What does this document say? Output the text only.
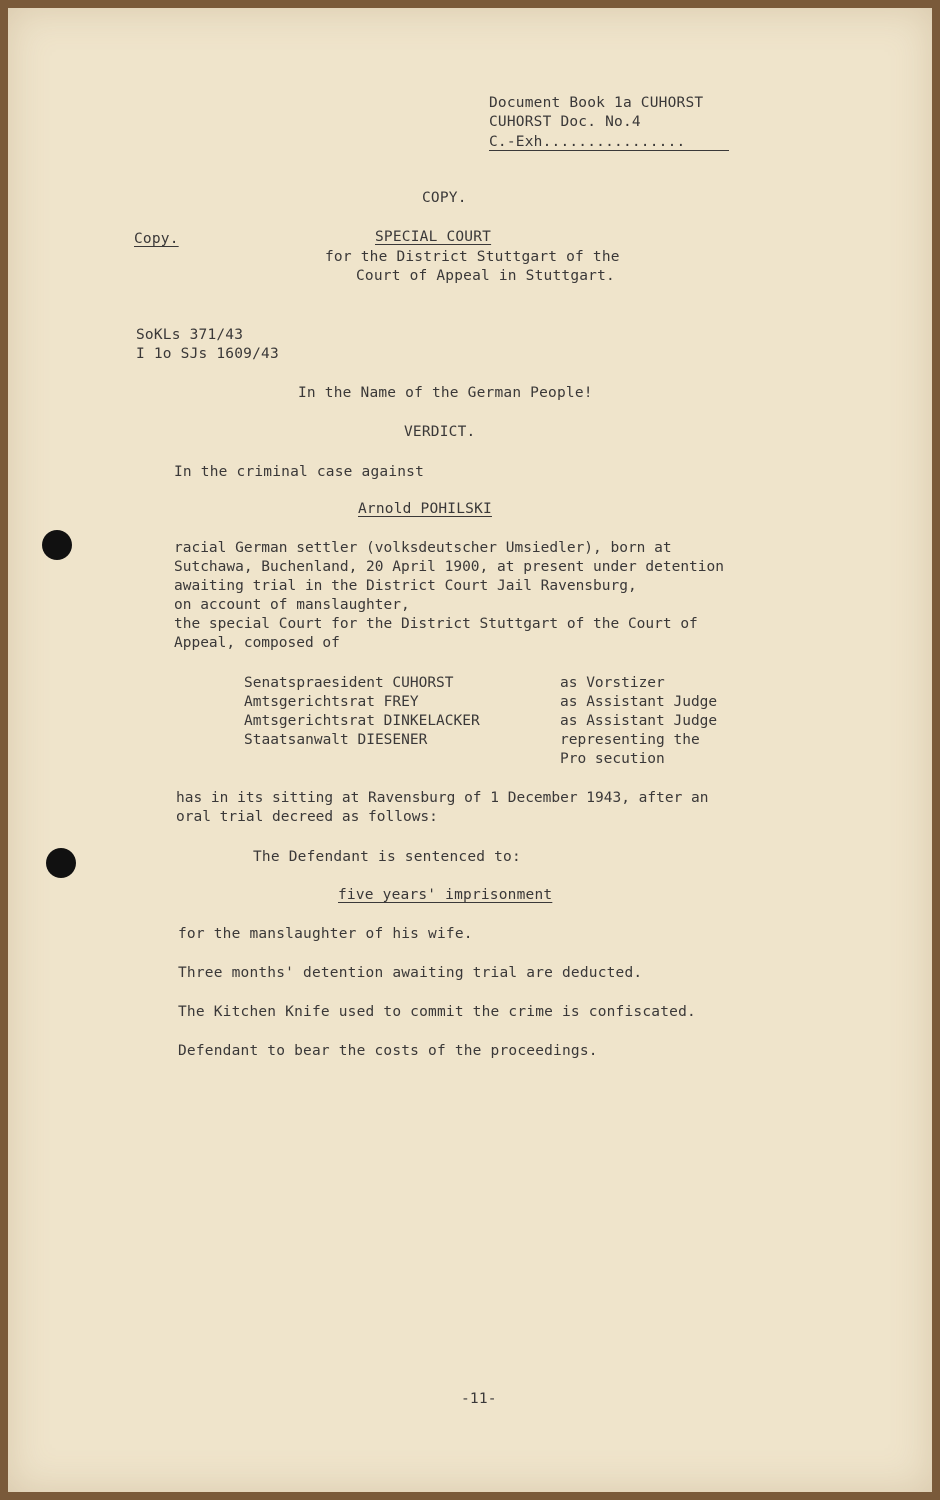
Document Book 1a CUHORST
CUHORST Doc. No.4
C.-Exh................
COPY.
Copy.	SPECIAL COURT
for the District Stuttgart of the
Court of Appeal in Stuttgart.
SoKLs 371/43
I 1o SJs 1609/43
In the Name of the German People!
VERDICT.
In the criminal case against
Arnold POHILSKI
racial German settler (volksdeutscher Umsiedler), born at
Sutchawa, Buchenland, 20 April 1900, at present under detention
awaiting trial in the District Court Jail Ravensburg,
on account of manslaughter,
the special Court for the District Stuttgart of the Court of
Appeal, composed of
Senatspraesident CUHORST
Amtsgerichtsrat FREY
Amtsgerichtsrat DINKELACKER
Staatsanwalt DIESENER
as Vorstizer
as Assistant Judge
as Assistant Judge
representing the
Pro secution
has in its sitting at Ravensburg of 1 December 1943, after an
oral trial decreed as follows:
The Defendant is sentenced to:
five years' imprisonment
for the manslaughter of his wife.
Three months' detention awaiting trial are deducted.
The Kitchen Knife used to commit the crime is confiscated.
Defendant to bear the costs of the proceedings.
-11-
